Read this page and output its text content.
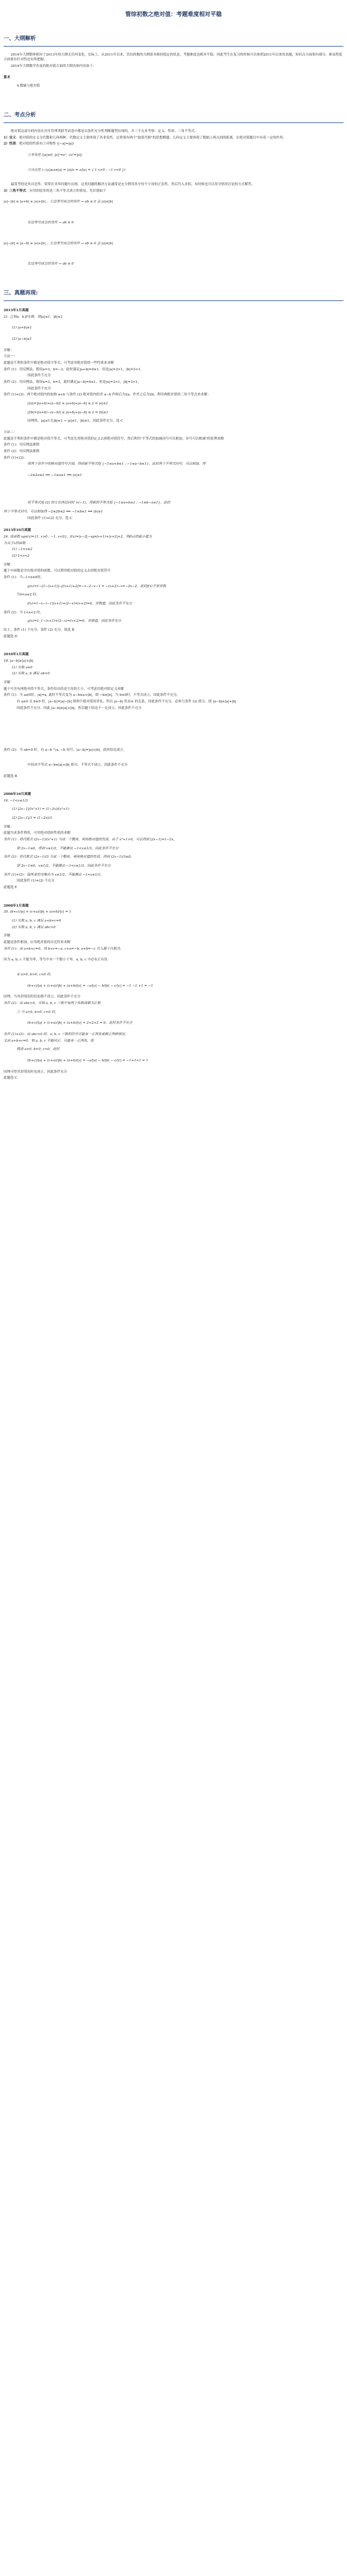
管综初数之绝对值：考题难度相对平稳
一、大纲解析
2014年大纲整体相对于2013年的大纲无任何变化，实际上，从2011年以来，管综的数的大纲基本维持稳定的状态，考题难度也相对平稳。因此考生在复习的时候可以参照2011年以来的真题，知识点方面要有细分，难易程度方面要有针对性还有所把握。
2014年大纲数学涉及的绝对值方面的大纲具体内容如下：
算术
4.数轴与绝对值
二、考点分析
绝对值这部分的内容在历年管理类联考试卷中都是以条件充分性判断题型出现的，并三个点来考察：定义、性质、三角不等式。
1）定义：绝对值的定义分代数和几何两种。代数定义主要体现了其非负性，还重要有两个"取值代换"的思想解题；几何定义主要体现了数轴上两点间的距离，在绝对值题目中有着一定的作用。
2）性质：绝对值的性质有①对称性 (|−a|=|a|)
②非负性 (|a|≥0, |a|²=a², √a²=|a|)
③自比性 (−|a|≤a≤|a| ⇒ |a|/a = a/|a| = { 1 x>0 ; −1 x<0 })
最常考的是其自比性，常常在非零问题中出现。这类问题的解决方法通常是充分利用其中每个字母的正负性，然后代入求值，有时候也可以用分情况讨论的方式解答。
3）三角不等式：应用的较多的是三角不等式成立的情况，先识别如下
|a|−|b| ≤ |a+b| ≤ |a|+|b| ，左边等号成立的条件 → ab ≤ 0 且 |a|≥|b|
右边等号成立的条件 → ab ≥ 0
|a|−|b| ≤ |a−b| ≤ |a|+|b| ，左边等号成立的条件 → ab ≥ 0 且 |a|≥|b|
右边等号成立的条件 → ab ≤ 0
三、真题再现:
2013年1月真题
21. 已知a，b是实数，则|a|≤1，|b|≤1
(1) |a+b|≤1
(2) |a−b|≤1
详解：
方法一：
此题是不利用条件中都是绝对值不等式，可考虑用绝对值的一些性质来求解
条件 (1)：用反例法，假设a=3，b=−3，此时满足|a+b|=0≤1，但是|a|=3>1，|b|=3>1，
因此条件不充分
条件 (2)：用反例法，假设a=3，b=3，此时满足|a−b|=0≤1，但是|a|=3>1，|b|=3>1，
因此条件不充分
条件 (1)+(2)：两个绝对值内的加和 a+b 与条件 (2) 绝对值内的差 a−b 作和后为2a，作差之后为2b，利用两绝对值的三角不等式来求解：
|2a|=|(a+b)+(a−b)| ≤ |a+b|+|a−b| ≤ 2 ⇒ |a|≤1
|2b|=|(a+b)−(a−b)| ≤ |a+b|+|a−b| ≤ 2 ⇒ |b|≤1
同理得，|a|≤1且|b|≤1 → |a|≤1，|b|≤1，因此条件充分，选 C
方法二：
此题是不利用条件中都是绝对值不等式，可考虑先用绝对值的定义去掉绝对值符号，然后利用"不等式的加减同号可以相加，异号可以相减"的原理来解
条件 (1)：用反例法排除
条件 (2)：用反例法排除
条件 (1)+(2)：
将两个条件中的绝对值符号去掉，得到新不等式组 {−1≤a+b≤1 ; −1≤a−b≤1}，此时两个不等式同号，可以相加，得
−2≤2a≤2 ⟹ −1≤a≤1 ⟹ |a|≤1
将不等式组 (2) 的左右两边同时 ×(−1)，得新的不等式组 {−1≤a+b≤1 ; −1≤b−a≤1}，此时
两个不等式同号，可以相加得 −2≤2b≤2 ⟹ −1≤b≤1 ⟹ |b|≤1
因此条件 (1)+(2) 充分，选 C
2013年10月真题
24. 设函数 sgn(x)={1, x>0 ; −1, x<0}，f(x)=|x−2|−sgn(x+1)+|x+2|+2，则f(x)的最小值为
为关于x的函数
(1) −1<x≤2
(2) 1<x<2
详解：
题干中函数是含有绝对值的函数，可以利用绝对值的定义去掉绝对值符号
条件 (1)：当−1<x≤0时，
g(x)=1−[1−(x+1)]−[(x+1)+2]=−x−2−x−1 = −(x+2)−x=−2x−2，此时f(x)不是常数
当0<x≤2 时，
f(x)=1−x−(−1)(x+1)+(2−x)=(x+2)=6，常数值，因此条件不充分
条件 (2)：当 1<x<2 时，
g(x)=1_1−(x+1)+(2−x)=(x+2)=6，常数值，因此条件充分
综上，条件 (1) 不充分，条件 (2) 充分，故选 B
此题选 D
2010年1月真题
18. |a−b|≥|a|+|b|
(1) 实数 a≥0
(2) 实数 a, b 满足 ab<0
详解：
题干中含有两绝对值不等式，条件给出的是字母的大小，可考虑用绝对值定义来解
条件 (1)：当 a≥0时，|a|=a, 此时不等式变为 a−b≥a+|b|，即 −b≥|b|，当 b≤0时，不等式成立，因此条件不充分，
有 a≥0 且 b≥0 时，|a−b|=|a|−|b| 即两个绝对值项非负，所以 |a−b| 仍有≥ 的关系，因此条件不充分，必须与条件 (2) 联合，即 |a−b|≥|a|+|b|
因此条件不充分，因此 |a−b|≥|a|+|b|，所以题干结论不一定成立，因此条件不充分
条件 (2)：当 ab<0 时，有 a−b 与a, −b 同号，|a−b|=|a|+|b|，此时结论成立，
中间求不等式 a−b≥|a|+|b| 即可，不等式不成立，因此条件不充分
此题选 B
2008年10月真题
16. −1<x≤1/3
(1) |2x−1|/(x²+1) = (1−2x)/(x²+1)
(2) |2x−1|/3 = (1−2x)/3
详解：
此题为求条件利用，可用绝对值转性质的求解
条件 (1)：将代数式 (2x−1)/(x²+1) 当成一个整体，利用绝对值的性质，由于 x²+1>0，可以得到 |2x−1|=1−2x，
即 2x−1≤0，得到 x≤1/2，不能推出 −1<x≤1/3，因此条件不充分
条件 (2)：将代数式 (2x−1)/3 当成一个整体，利用绝对值的性质，得到 (2x−1)/3≤0，
即 2x−1≤0，x≤1/2，不能推出 −1<x≤1/3，因此条件不充分
条件 (1)+(2)：取两者的交集仍为 x≤1/2，不能推出 −1<x≤1/3，
因此条件 (1)+(2) 不充分
此题选 E
2008年1月真题
30. (b+c)/|a| + (c+a)/|b| + (a+b)/|c| = 1
(1) 实数 a, b, c 满足 a+b+c=0
(2) 实数 a, b, c 满足 abc>0
详解：
此题是条件相加，应用绝对值的自比性来求解
条件 (1)：由 a+b+c=0，将 b+c=−a, c+a=−b, a+b=−c 代入题干代数式，
因为 a, b, c 不能为零，等号中有一个数小于零，a, b, c 中必有正有负
① a>0, b>0, c<0 时，
(b+c)/|a| + (c+a)/|b| + (a+b)/|c| = −a/|a| − b/|b| − c/|c| = −1 −1 +1 = −1
同理，当其余情况时结论都不成立，因此条件不充分
条件 (2)：由 abc>0，可知 a, b, c 三数中有两个负数或都为正数
① 当 a>0, b>0, c>0 时，
(b+c)/|a| + (c+a)/|b| + (a+b)/|c| = 2+2+2 = 6，此时条件不充分
条件 (1)+(2)：由 abc>0 时，a, b, c 三数的符号可能有一正两负或都正两种情况，
又由 a+b+c=0，知 a, b, c 不能同正，只能有一正两负，即
假设 a>0, b<0, c<0，此时
(b+c)/|a| + (c+a)/|b| + (a+b)/|c| = −a/|a| − b/|b| − c/|c| = −1+1+1 = 1
同理可得其余情况时也成立，因此条件充分
此题选 C
